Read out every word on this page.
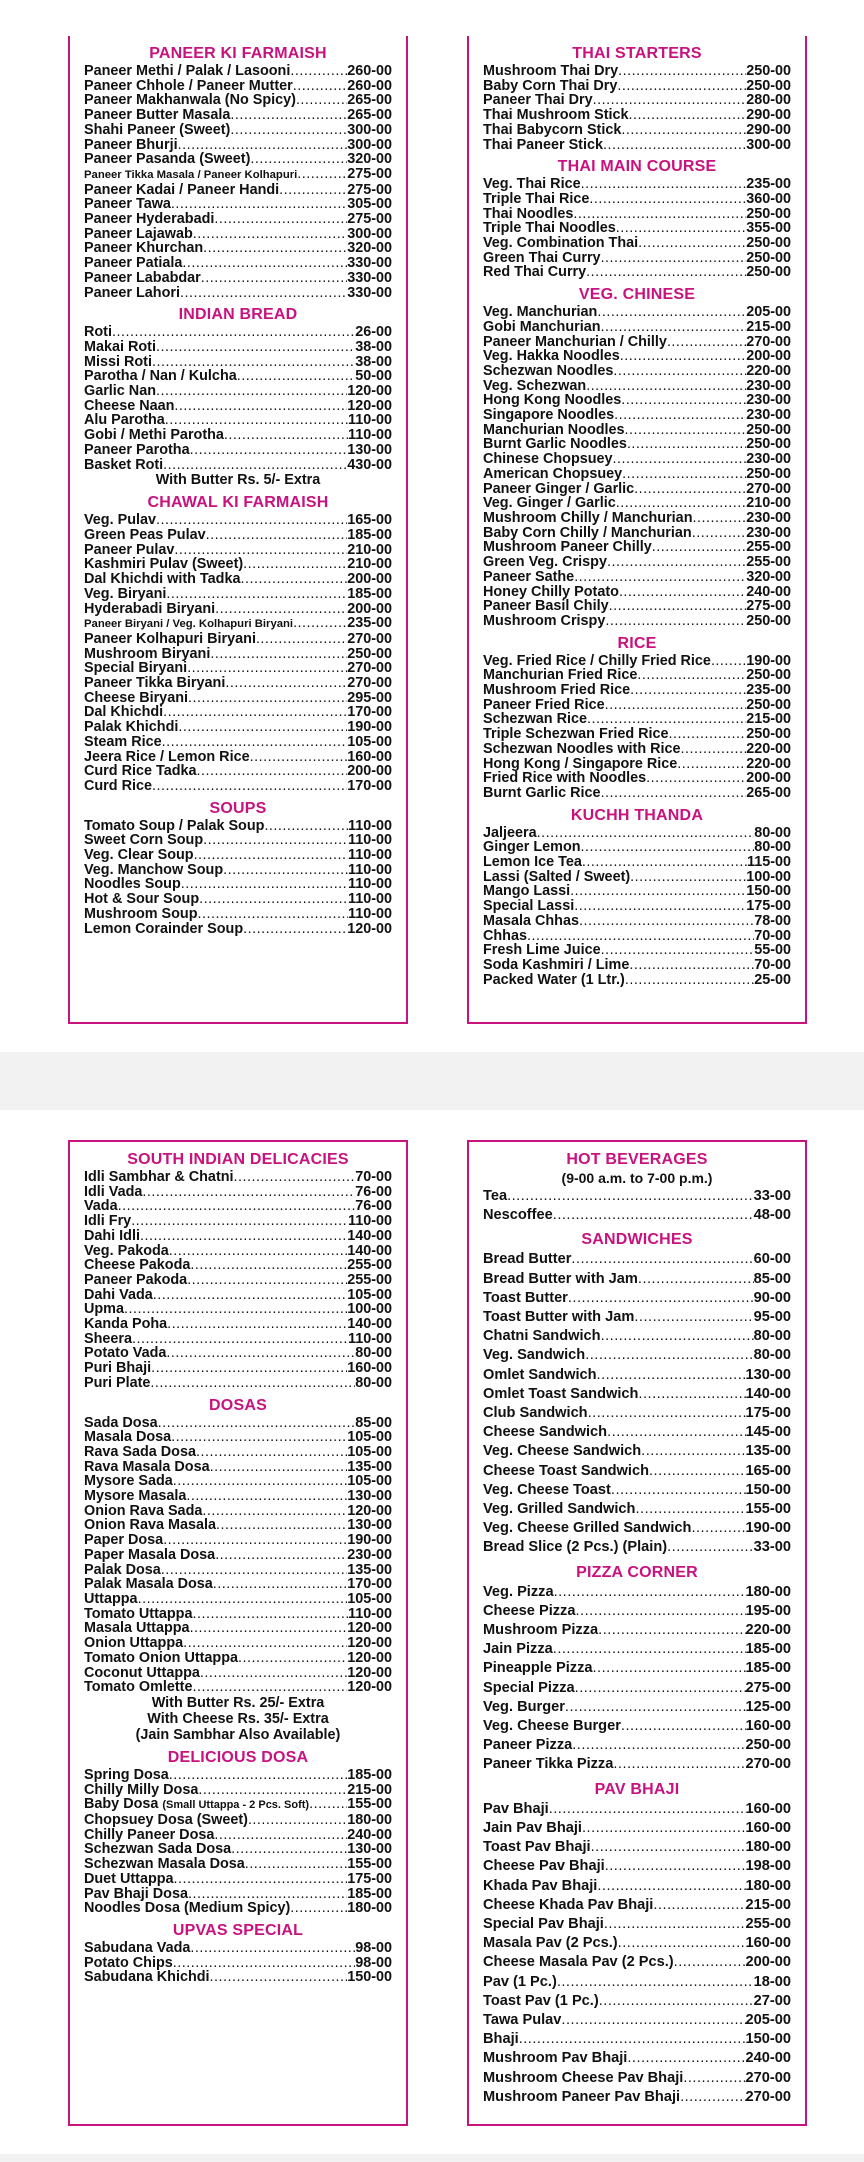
PANEER KI FARMAISH
Paneer Methi / Palak / Lasooni .....	260-00
Paneer Chhole / Paneer Mutter .....	260-00
Paneer Makhanwala (No Spicy) .....	265-00
Paneer Butter Masala .....	265-00
Shahi Paneer (Sweet) .....	300-00
Paneer Bhurji .....	300-00
Paneer Pasanda (Sweet) .....	320-00
Paneer Tikka Masala / Paneer Kolhapuri .....	275-00
Paneer Kadai / Paneer Handi .....	275-00
Paneer Tawa .....	305-00
Paneer Hyderabadi .....	275-00
Paneer Lajawab .....	300-00
Paneer Khurchan .....	320-00
Paneer Patiala .....	330-00
Paneer Lababdar .....	330-00
Paneer Lahori .....	330-00
INDIAN BREAD
Roti .....	26-00
Makai Roti .....	38-00
Missi Roti .....	38-00
Parotha / Nan / Kulcha .....	50-00
Garlic Nan .....	120-00
Cheese Naan .....	120-00
Alu Parotha .....	110-00
Gobi / Methi Parotha .....	110-00
Paneer Parotha .....	130-00
Basket Roti .....	430-00
With Butter Rs. 5/- Extra
CHAWAL KI FARMAISH
Veg. Pulav .....	165-00
Green Peas Pulav .....	185-00
Paneer Pulav .....	210-00
Kashmiri Pulav (Sweet) .....	210-00
Dal Khichdi with Tadka .....	200-00
Veg. Biryani .....	185-00
Hyderabadi Biryani .....	200-00
Paneer Biryani / Veg. Kolhapuri Biryani .....	235-00
Paneer Kolhapuri Biryani .....	270-00
Mushroom Biryani .....	250-00
Special Biryani .....	270-00
Paneer Tikka Biryani .....	270-00
Cheese Biryani .....	295-00
Dal Khichdi .....	170-00
Palak Khichdi .....	190-00
Steam Rice .....	105-00
Jeera Rice / Lemon Rice .....	160-00
Curd Rice Tadka .....	200-00
Curd Rice .....	170-00
SOUPS
Tomato Soup / Palak Soup .....	110-00
Sweet Corn Soup .....	110-00
Veg. Clear Soup .....	110-00
Veg. Manchow Soup .....	110-00
Noodles Soup .....	110-00
Hot & Sour Soup .....	110-00
Mushroom Soup .....	110-00
Lemon Corainder Soup .....	120-00
THAI STARTERS
Mushroom Thai Dry .....	250-00
Baby Corn Thai Dry .....	250-00
Paneer Thai Dry .....	280-00
Thai Mushroom Stick .....	290-00
Thai Babycorn Stick .....	290-00
Thai Paneer Stick .....	300-00
THAI MAIN COURSE
Veg. Thai Rice .....	235-00
Triple Thai Rice .....	360-00
Thai Noodles .....	250-00
Triple Thai Noodles .....	355-00
Veg. Combination Thai .....	250-00
Green Thai Curry .....	250-00
Red Thai Curry .....	250-00
VEG. CHINESE
Veg. Manchurian .....	205-00
Gobi Manchurian .....	215-00
Paneer Manchurian / Chilly .....	270-00
Veg. Hakka Noodles .....	200-00
Schezwan Noodles .....	220-00
Veg. Schezwan .....	230-00
Hong Kong Noodles .....	230-00
Singapore Noodles .....	230-00
Manchurian Noodles .....	250-00
Burnt Garlic Noodles .....	250-00
Chinese Chopsuey .....	230-00
American Chopsuey .....	250-00
Paneer Ginger / Garlic .....	270-00
Veg. Ginger / Garlic .....	210-00
Mushroom Chilly / Manchurian .....	230-00
Baby Corn Chilly / Manchurian .....	230-00
Mushroom Paneer Chilly .....	255-00
Green Veg. Crispy .....	255-00
Paneer Sathe .....	320-00
Honey Chilly Potato .....	240-00
Paneer Basil Chily .....	275-00
Mushroom Crispy .....	250-00
RICE
Veg. Fried Rice / Chilly Fried Rice ..... 190-00
Manchurian Fried Rice .....	250-00
Mushroom Fried Rice .....	235-00
Paneer Fried Rice .....	250-00
Schezwan Rice .....	215-00
Triple Schezwan Fried Rice .....	250-00
Schezwan Noodles with Rice .....	220-00
Hong Kong / Singapore Rice .....	220-00
Fried Rice with Noodles .....	200-00
Burnt Garlic Rice .....	265-00
KUCHH THANDA
Jaljeera .....	80-00
Ginger Lemon .....	80-00
Lemon Ice Tea .....	115-00
Lassi (Salted / Sweet) .....	100-00
Mango Lassi .....	150-00
Special Lassi .....	175-00
Masala Chhas .....	78-00
Chhas .....	70-00
Fresh Lime Juice .....	55-00
Soda Kashmiri / Lime .....	70-00
Packed Water (1 Ltr.) .....	25-00
SOUTH INDIAN DELICACIES
Idli Sambhar & Chatni .....	70-00
Idli Vada .....	76-00
Vada .....	76-00
Idli Fry .....	110-00
Dahi Idli .....	140-00
Veg. Pakoda .....	140-00
Cheese Pakoda .....	255-00
Paneer Pakoda .....	255-00
Dahi Vada .....	105-00
Upma .....	100-00
Kanda Poha .....	140-00
Sheera .....	110-00
Potato Vada .....	80-00
Puri Bhaji .....	160-00
Puri Plate .....	80-00
DOSAS
Sada Dosa .....	85-00
Masala Dosa .....	105-00
Rava Sada Dosa .....	105-00
Rava Masala Dosa .....	135-00
Mysore Sada .....	105-00
Mysore Masala .....	130-00
Onion Rava Sada .....	120-00
Onion Rava Masala .....	130-00
Paper Dosa .....	190-00
Paper Masala Dosa .....	230-00
Palak Dosa .....	135-00
Palak Masala Dosa .....	170-00
Uttappa .....	105-00
Tomato Uttappa .....	110-00
Masala Uttappa .....	120-00
Onion Uttappa .....	120-00
Tomato Onion Uttappa .....	120-00
Coconut Uttappa .....	120-00
Tomato Omlette .....	120-00
With Butter Rs. 25/- Extra
With Cheese Rs. 35/- Extra
(Jain Sambhar Also Available)
DELICIOUS DOSA
Spring Dosa .....	185-00
Chilly Milly Dosa .....	215-00
Baby Dosa (Small Uttappa - 2 Pcs. Soft) .....	155-00
Chopsuey Dosa (Sweet) .....	180-00
Chilly Paneer Dosa .....	240-00
Schezwan Sada Dosa .....	130-00
Schezwan Masala Dosa .....	155-00
Duet Uttappa .....	175-00
Pav Bhaji Dosa .....	185-00
Noodles Dosa (Medium Spicy) .....	180-00
UPVAS SPECIAL
Sabudana Vada .....	98-00
Potato Chips .....	98-00
Sabudana Khichdi .....	150-00
HOT BEVERAGES
(9-00 a.m. to 7-00 p.m.)
Tea .....	33-00
Nescoffee .....	48-00
SANDWICHES
Bread Butter .....	60-00
Bread Butter with Jam .....	85-00
Toast Butter .....	90-00
Toast Butter with Jam .....	95-00
Chatni Sandwich .....	80-00
Veg. Sandwich .....	80-00
Omlet Sandwich .....	130-00
Omlet Toast Sandwich .....	140-00
Club Sandwich .....	175-00
Cheese Sandwich .....	145-00
Veg. Cheese Sandwich .....	135-00
Cheese Toast Sandwich .....	165-00
Veg. Cheese Toast .....	150-00
Veg. Grilled Sandwich .....	155-00
Veg. Cheese Grilled Sandwich .....	190-00
Bread Slice (2 Pcs.) (Plain) .....	33-00
PIZZA CORNER
Veg. Pizza .....	180-00
Cheese Pizza .....	195-00
Mushroom Pizza .....	220-00
Jain Pizza .....	185-00
Pineapple Pizza .....	185-00
Special Pizza .....	275-00
Veg. Burger .....	125-00
Veg. Cheese Burger .....	160-00
Paneer Pizza .....	250-00
Paneer Tikka Pizza .....	270-00
PAV BHAJI
Pav Bhaji .....	160-00
Jain Pav Bhaji .....	160-00
Toast Pav Bhaji .....	180-00
Cheese Pav Bhaji .....	198-00
Khada Pav Bhaji .....	180-00
Cheese Khada Pav Bhaji .....	215-00
Special Pav Bhaji .....	255-00
Masala Pav (2 Pcs.) .....	160-00
Cheese Masala Pav (2 Pcs.) .....	200-00
Pav (1 Pc.) .....	18-00
Toast Pav (1 Pc.) .....	27-00
Tawa Pulav .....	205-00
Bhaji .....	150-00
Mushroom Pav Bhaji .....	240-00
Mushroom Cheese Pav Bhaji .....	270-00
Mushroom Paneer Pav Bhaji .....	270-00
